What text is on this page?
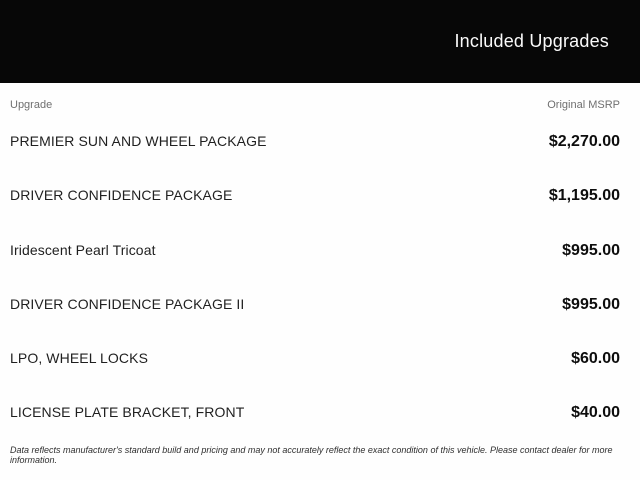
Included Upgrades
Upgrade	Original MSRP
PREMIER SUN AND WHEEL PACKAGE	$2,270.00
DRIVER CONFIDENCE PACKAGE	$1,195.00
Iridescent Pearl Tricoat	$995.00
DRIVER CONFIDENCE PACKAGE II	$995.00
LPO, WHEEL LOCKS	$60.00
LICENSE PLATE BRACKET, FRONT	$40.00
Data reflects manufacturer's standard build and pricing and may not accurately reflect the exact condition of this vehicle. Please contact dealer for more information.
